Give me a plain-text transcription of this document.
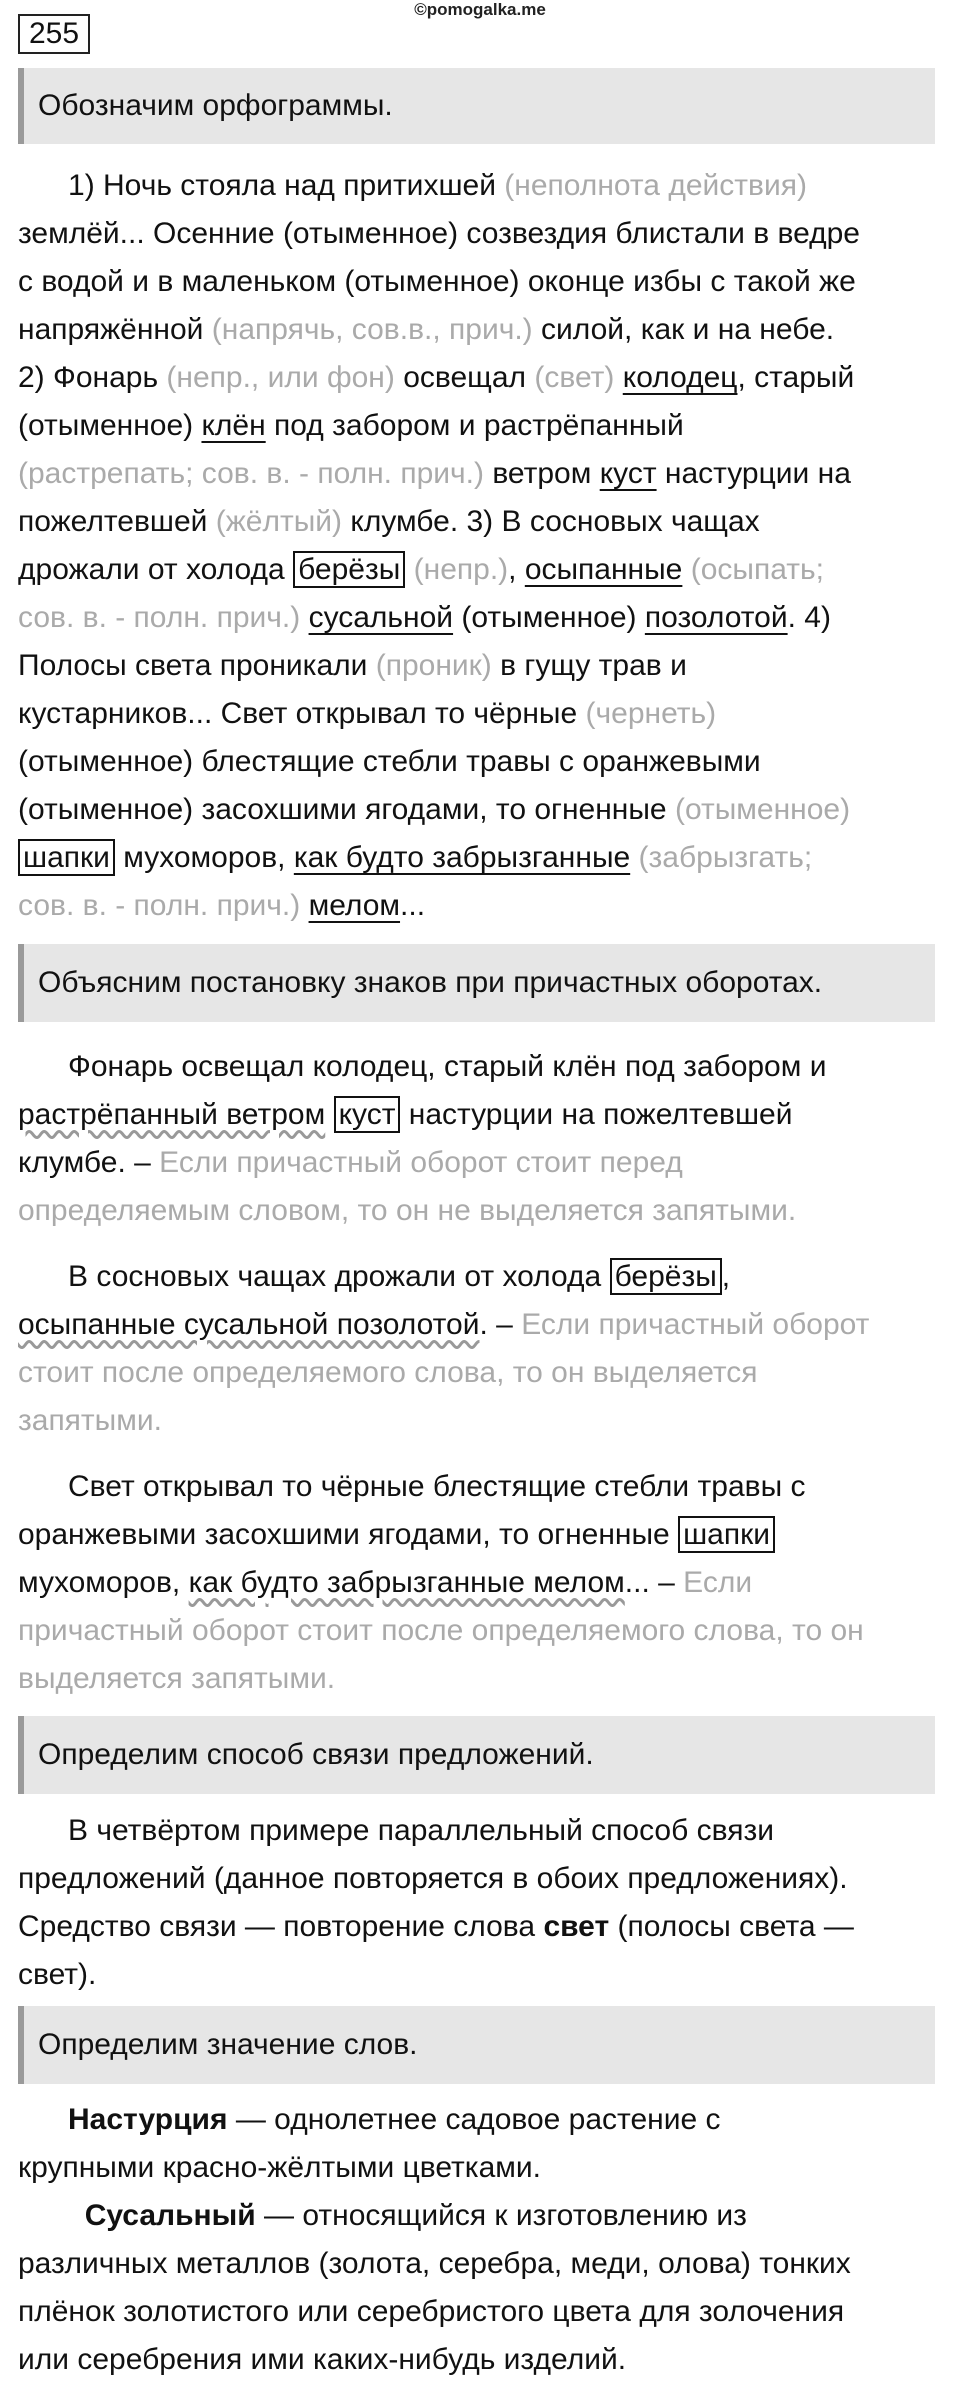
255
©pomogalka.me
Обозначим орфограммы.
1) Ночь стояла над притихшей (неполнота действия)
землёй... Осенние (отыменное) созвездия блистали в ведре
с водой и в маленьком (отыменное) оконце избы с такой же
напряжённой (напрячь, сов.в., прич.) силой, как и на небе.
2) Фонарь (непр., или фон) освещал (свет) колодец, старый
(отыменное) клён под забором и растрёпанный
(растрепать; сов. в. - полн. прич.) ветром куст настурции на
пожелтевшей (жёлтый) клумбе. 3) В сосновых чащах
дрожали от холода берёзы (непр.), осыпанные (осыпать;
сов. в. - полн. прич.) сусальной (отыменное) позолотой. 4)
Полосы света проникали (проник) в гущу трав и
кустарников... Свет открывал то чёрные (чернеть)
(отыменное) блестящие стебли травы с оранжевыми
(отыменное) засохшими ягодами, то огненные (отыменное)
шапки мухоморов, как будто забрызганные (забрызгать;
сов. в. - полн. прич.) мелом...
Объясним постановку знаков при причастных оборотах.
Фонарь освещал колодец, старый клён под забором и
растрёпанный ветром куст настурции на пожелтевшей
клумбе. – Если причастный оборот стоит перед
определяемым словом, то он не выделяется запятыми.
В сосновых чащах дрожали от холода берёзы ,
осыпанные сусальной позолотой. – Если причастный оборот
стоит после определяемого слова, то он выделяется
запятыми.
Свет открывал то чёрные блестящие стебли травы с
оранжевыми засохшими ягодами, то огненные шапки
мухоморов, как будто забрызганные мелом... – Если
причастный оборот стоит после определяемого слова, то он
выделяется запятыми.
Определим способ связи предложений.
В четвёртом примере параллельный способ связи
предложений (данное повторяется в обоих предложениях).
Средство связи — повторение слова свет (полосы света —
свет).
Определим значение слов.
Настурция — однолетнее садовое растение с
крупными красно-жёлтыми цветками.
Сусальный — относящийся к изготовлению из
различных металлов (золота, серебра, меди, олова) тонких
плёнок золотистого или серебристого цвета для золочения
или серебрения ими каких-нибудь изделий.
